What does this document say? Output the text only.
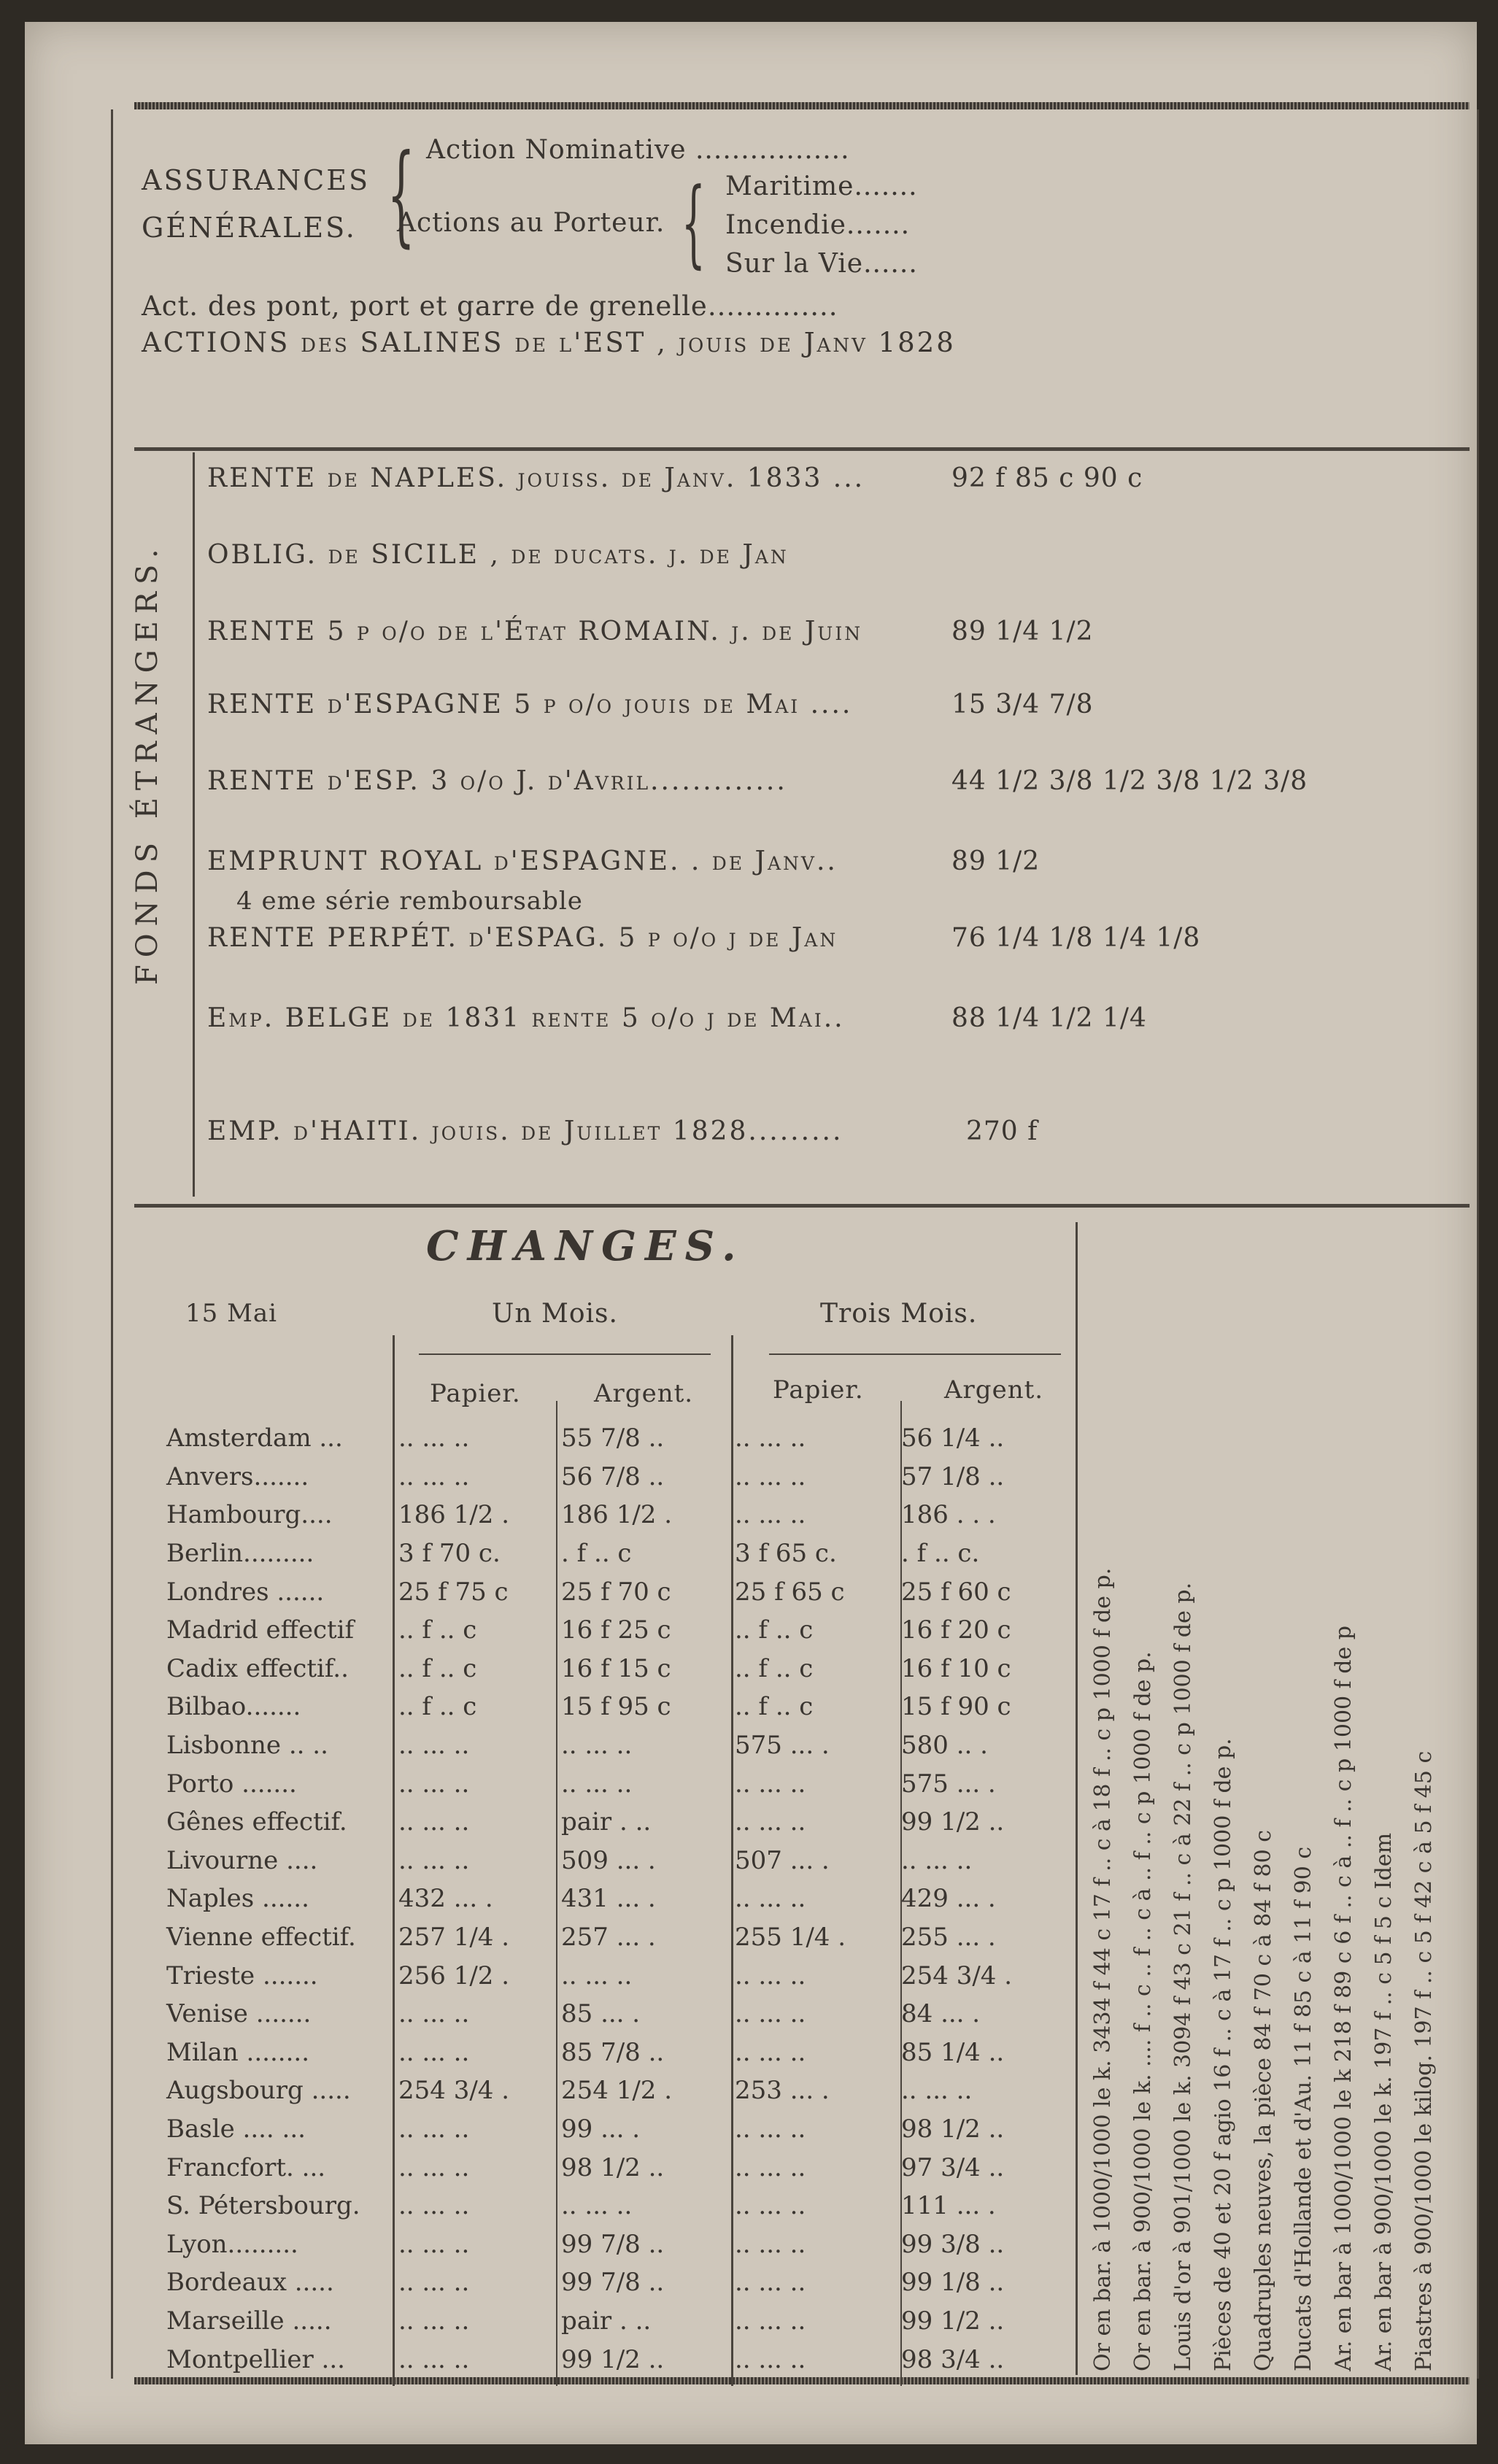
ASSURANCES
GÉNÉRALES. { Action Nominative .................
Actions au Porteur. { Maritime.......
Incendie.......
Sur la Vie......
Act. des pont, port et garre de grenelle..............
ACTIONS des SALINES de l'EST , jouis de Janv 1828
FONDS ÉTRANGERS.
RENTE de NAPLES. jouiss. de Janv. 1833 ...	92 f 85 c 90 c
OBLIG. de SICILE , de ducats. j. de Jan
RENTE 5 p o/o de l'État ROMAIN. j. de Juin	89 1/4 1/2
RENTE d'ESPAGNE 5 p o/o jouis de Mai ....	15 3/4 7/8
RENTE d'ESP. 3 o/o J. d'Avril.............	44 1/2 3/8 1/2 3/8 1/2 3/8
EMPRUNT ROYAL d'ESPAGNE. . de Janv..	89 1/2
4 eme série remboursable
RENTE PERPÉT. d'ESPAG. 5 p o/o j de Jan	76 1/4 1/8 1/4 1/8
Emp. BELGE de 1831 rente 5 o/o j de Mai..	88 1/4 1/2 1/4
EMP. d'HAITI. jouis. de Juillet 1828.........	270 f
CHANGES.
15 Mai	Un Mois.	Trois Mois.
Papier.	Argent.	Papier.	Argent.
Amsterdam ...	.. ... ..	55 7/8 ..	.. ... ..	56 1/4 ..
Anvers.......	.. ... ..	56 7/8 ..	.. ... ..	57 1/8 ..
Hambourg....	186 1/2 .	186 1/2 .	.. ... ..	186 . . .
Berlin.........	3 f 70 c.	. f .. c	3 f 65 c.	. f .. c.
Londres ......	25 f 75 c	25 f 70 c	25 f 65 c	25 f 60 c
Madrid effectif	.. f .. c	16 f 25 c	.. f .. c	16 f 20 c
Cadix effectif..	.. f .. c	16 f 15 c	.. f .. c	16 f 10 c
Bilbao.......	.. f .. c	15 f 95 c	.. f .. c	15 f 90 c
Lisbonne .. ..	.. ... ..	.. ... ..	575 ... .	580 .. .
Porto .......	.. ... ..	.. ... ..	.. ... ..	575 ... .
Gênes effectif.	.. ... ..	pair . ..	.. ... ..	99 1/2 ..
Livourne ....	.. ... ..	509 ... .	507 ... .	.. ... ..
Naples ......	432 ... .	431 ... .	.. ... ..	429 ... .
Vienne effectif.	257 1/4 .	257 ... .	255 1/4 .	255 ... .
Trieste .......	256 1/2 .	.. ... ..	.. ... ..	254 3/4 .
Venise .......	.. ... ..	85 ... .	.. ... ..	84 ... .
Milan ........	.. ... ..	85 7/8 ..	.. ... ..	85 1/4 ..
Augsbourg .....	254 3/4 .	254 1/2 .	253 ... .	.. ... ..
Basle .... ...	.. ... ..	99 ... .	.. ... ..	98 1/2 ..
Francfort. ...	.. ... ..	98 1/2 ..	.. ... ..	97 3/4 ..
S. Pétersbourg.	.. ... ..	.. ... ..	.. ... ..	111 ... .
Lyon.........	.. ... ..	99 7/8 ..	.. ... ..	99 3/8 ..
Bordeaux .....	.. ... ..	99 7/8 ..	.. ... ..	99 1/8 ..
Marseille .....	.. ... ..	pair . ..	.. ... ..	99 1/2 ..
Montpellier ...	.. ... ..	99 1/2 ..	.. ... ..	98 3/4 ..	Or en bar. à 1000/1000 le k. 3434 f 44 c 17 f .. c à 18 f .. c p 1000 f de p. Or en bar. à 900/1000 le k. .... f .. c .. f .. c à .. f .. c p 1000 f de p. Louis d'or à 901/1000 le k. 3094 f 43 c 21 f .. c à 22 f .. c p 1000 f de p. Pièces de 40 et 20 f agio 16 f .. c à 17 f .. c p 1000 f de p. Quadruples neuves, la pièce 84 f 70 c à 84 f 80 c Ducats d'Hollande et d'Au. 11 f 85 c à 11 f 90 c Ar. en bar à 1000/1000 le k 218 f 89 c 6 f .. c à .. f .. c p 1000 f de p Ar. en bar à 900/1000 le k. 197 f .. c 5 f 5 c Idem Piastres à 900/1000 le kilog. 197 f .. c 5 f 42 c à 5 f 45 c
